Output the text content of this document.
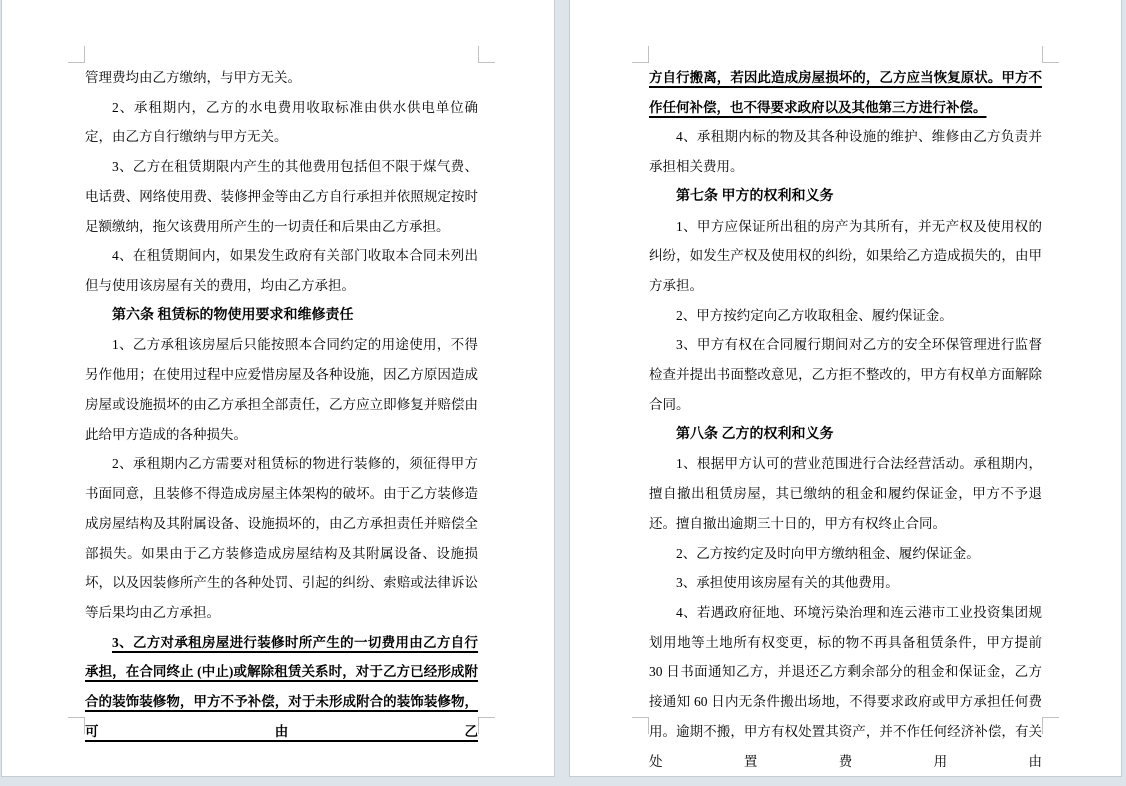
管理费均由乙方缴纳，与甲方无关。

2、承租期内，乙方的水电费用收取标准由供水供电单位确定，由乙方自行缴纳与甲方无关。

3、乙方在租赁期限内产生的其他费用包括但不限于煤气费、电话费、网络使用费、装修押金等由乙方自行承担并依照规定按时足额缴纳，拖欠该费用所产生的一切责任和后果由乙方承担。

4、在租赁期间内，如果发生政府有关部门收取本合同未列出但与使用该房屋有关的费用，均由乙方承担。

第六条 租赁标的物使用要求和维修责任

1、乙方承租该房屋后只能按照本合同约定的用途使用，不得另作他用；在使用过程中应爱惜房屋及各种设施，因乙方原因造成房屋或设施损坏的由乙方承担全部责任，乙方应立即修复并赔偿由此给甲方造成的各种损失。

2、承租期内乙方需要对租赁标的物进行装修的，须征得甲方书面同意，且装修不得造成房屋主体架构的破坏。由于乙方装修造成房屋结构及其附属设备、设施损坏的，由乙方承担责任并赔偿全部损失。如果由于乙方装修造成房屋结构及其附属设备、设施损坏，以及因装修所产生的各种处罚、引起的纠纷、索赔或法律诉讼等后果均由乙方承担。

3、乙方对承租房屋进行装修时所产生的一切费用由乙方自行承担，在合同终止 (中止)或解除租赁关系时，对于乙方已经形成附合的装饰装修物，甲方不予补偿，对于未形成附合的装饰装修物，可由乙

方自行搬离，若因此造成房屋损坏的，乙方应当恢复原状。甲方不作任何补偿，也不得要求政府以及其他第三方进行补偿。

4、承租期内标的物及其各种设施的维护、维修由乙方负责并承担相关费用。

第七条 甲方的权利和义务

1、甲方应保证所出租的房产为其所有，并无产权及使用权的纠纷，如发生产权及使用权的纠纷，如果给乙方造成损失的，由甲方承担。

2、甲方按约定向乙方收取租金、履约保证金。

3、甲方有权在合同履行期间对乙方的安全环保管理进行监督检查并提出书面整改意见，乙方拒不整改的，甲方有权单方面解除合同。

第八条 乙方的权利和义务

1、根据甲方认可的营业范围进行合法经营活动。承租期内，擅自撤出租赁房屋，其已缴纳的租金和履约保证金，甲方不予退还。擅自撤出逾期三十日的，甲方有权终止合同。

2、乙方按约定及时向甲方缴纳租金、履约保证金。

3、承担使用该房屋有关的其他费用。

4、若遇政府征地、环境污染治理和连云港市工业投资集团规划用地等土地所有权变更，标的物不再具备租赁条件，甲方提前 30 日书面通知乙方，并退还乙方剩余部分的租金和保证金，乙方接通知 60 日内无条件搬出场地，不得要求政府或甲方承担任何费用。逾期不搬，甲方有权处置其资产，并不作任何经济补偿，有关处置费用由
